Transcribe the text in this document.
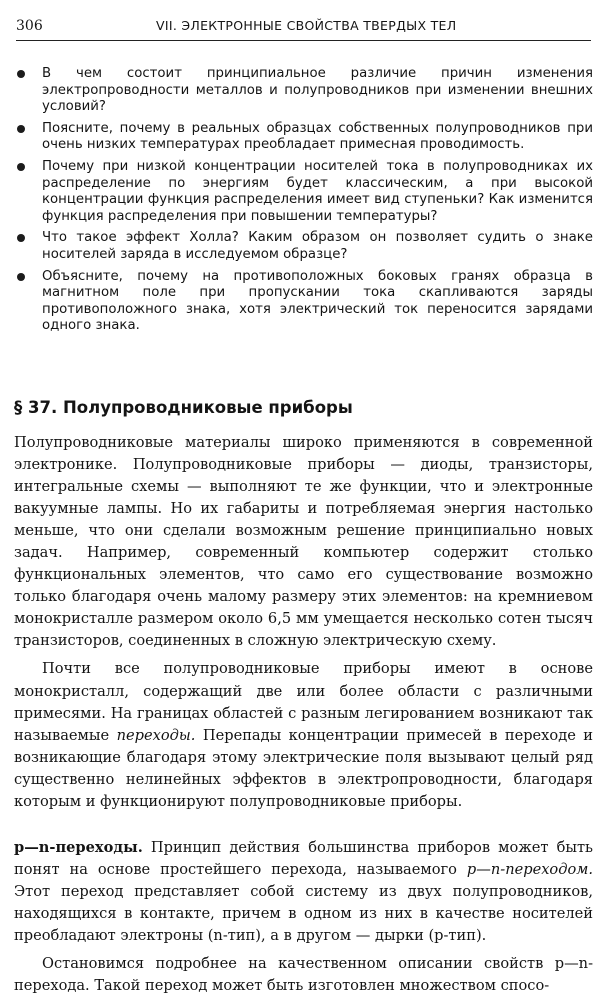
306	VII. ЭЛЕКТРОННЫЕ СВОЙСТВА ТВЕРДЫХ ТЕЛ
В чем состоит принципиальное различие причин изменения электропроводности металлов и полупроводников при изменении внешних условий?
Поясните, почему в реальных образцах собственных полупроводников при очень низких температурах преобладает примесная проводимость.
Почему при низкой концентрации носителей тока в полупроводниках их распределение по энергиям будет классическим, а при высокой концентрации функция распределения имеет вид ступеньки? Как изменится функция распределения при повышении температуры?
Что такое эффект Холла? Каким образом он позволяет судить о знаке носителей заряда в исследуемом образце?
Объясните, почему на противоположных боковых гранях образца в магнитном поле при пропускании тока скапливаются заряды противоположного знака, хотя электрический ток переносится зарядами одного знака.
§ 37. Полупроводниковые приборы

Полупроводниковые материалы широко применяются в современной электронике. Полупроводниковые приборы — диоды, транзисторы, интегральные схемы — выполняют те же функции, что и электронные вакуумные лампы. Но их габариты и потребляемая энергия настолько меньше, что они сделали возможным решение принципиально новых задач. Например, современный компьютер содержит столько функциональных элементов, что само его существование возможно только благодаря очень малому размеру этих элементов: на кремниевом монокристалле размером около 6,5 мм умещается несколько сотен тысяч транзисторов, соединенных в сложную электрическую схему.

Почти все полупроводниковые приборы имеют в основе монокристалл, содержащий две или более области с различными примесями. На границах областей с разным легированием возникают так называемые переходы. Перепады концентрации примесей в переходе и возникающие благодаря этому электрические поля вызывают целый ряд существенно нелинейных эффектов в электропроводности, благодаря которым и функционируют полупроводниковые приборы.

p—n-переходы. Принцип действия большинства приборов может быть понят на основе простейшего перехода, называемого p—n-переходом. Этот переход представляет собой систему из двух полупроводников, находящихся в контакте, причем в одном из них в качестве носителей преобладают электроны (n-тип), а в другом — дырки (p-тип).

Остановимся подробнее на качественном описании свойств p—n-перехода. Такой переход может быть изготовлен множеством спосо-
